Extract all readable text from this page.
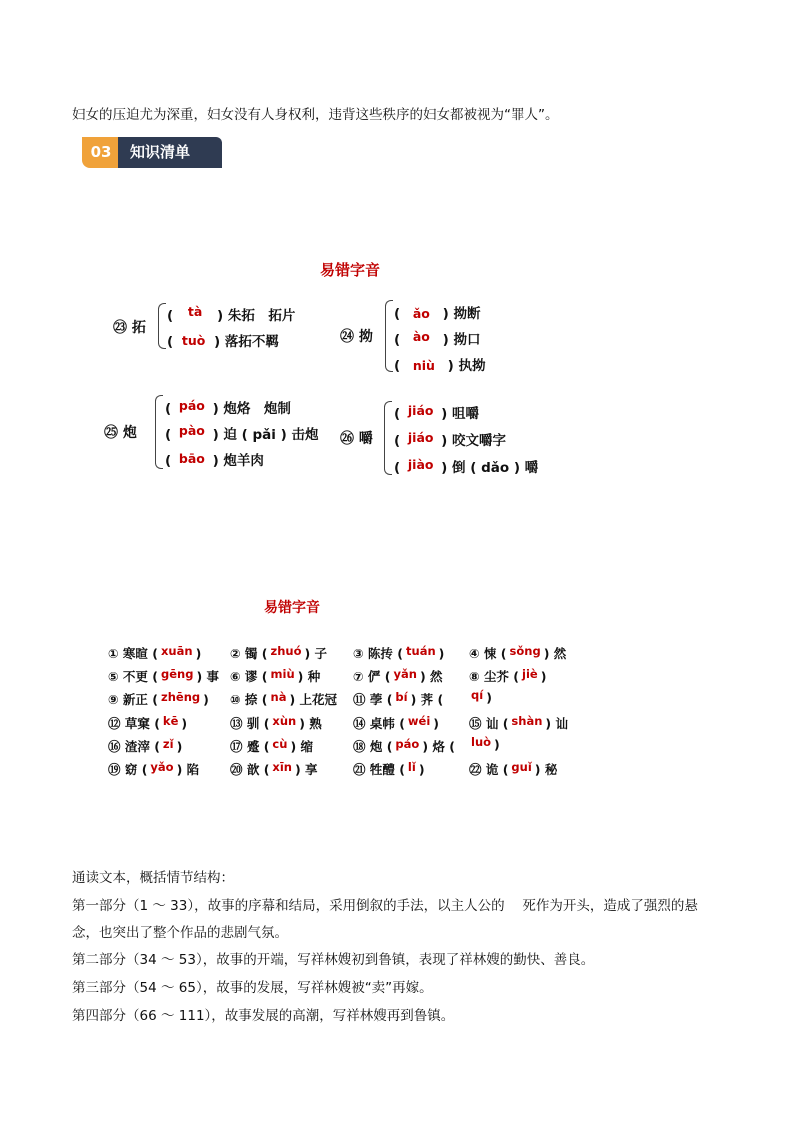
妇女的压迫尤为深重，妇女没有人身权利，违背这些秩序的妇女都被视为“罪人”。
03	知识清单
易错字音
㉓ 拓
( tà ) 朱拓　拓片
( tuò ) 落拓不羁	㉔ 拗
( ǎo ) 拗断
( ào ) 拗口
( niù ) 执拗
㉕ 炮
( páo ) 炮烙　炮制
( pào ) 迫 ( pǎi ) 击炮
( bāo ) 炮羊肉
㉖ 嚼
( jiáo ) 咀嚼
( jiáo ) 咬文嚼字
( jiào ) 倒 ( dǎo ) 嚼
易错字音
① 寒暄 ( xuān ) ② 镯 ( zhuó ) 子 ③ 陈抟 ( tuán ) ④ 悚 ( sǒng ) 然
⑤ 不更 ( gēng ) 事 ⑥ 谬 ( miù ) 种	⑦ 俨 ( yǎn ) 然 ⑧ 尘芥 ( jiè )
⑨ 新正 ( zhēng ) ⑩ 捺 ( nà ) 上花冠 ⑪ 荸 ( bí ) 荠 ( qí )
⑫ 草窠 ( kē )	⑬ 驯 ( xùn ) 熟 ⑭ 桌帏 ( wéi ) ⑮ 讪 ( shàn ) 讪
⑯ 渣滓 ( zǐ )	⑰ 蹙 ( cù ) 缩	⑱ 炮 ( páo ) 烙 ( luò )
⑲ 窈 ( yǎo ) 陷 ⑳ 歆 ( xīn ) 享	㉑ 牲醴 ( lǐ )	㉒ 诡 ( guǐ ) 秘
通读文本，概括情节结构：
第一部分（1 ～ 33），故事的序幕和结局，采用倒叙的手法，以主人公的　 死作为开头，造成了强烈的悬
念，也突出了整个作品的悲剧气氛。
第二部分（34 ～ 53），故事的开端，写祥林嫂初到鲁镇，表现了祥林嫂的勤快、善良。
第三部分（54 ～ 65），故事的发展，写祥林嫂被“卖”再嫁。
第四部分（66 ～ 111），故事发展的高潮，写祥林嫂再到鲁镇。
